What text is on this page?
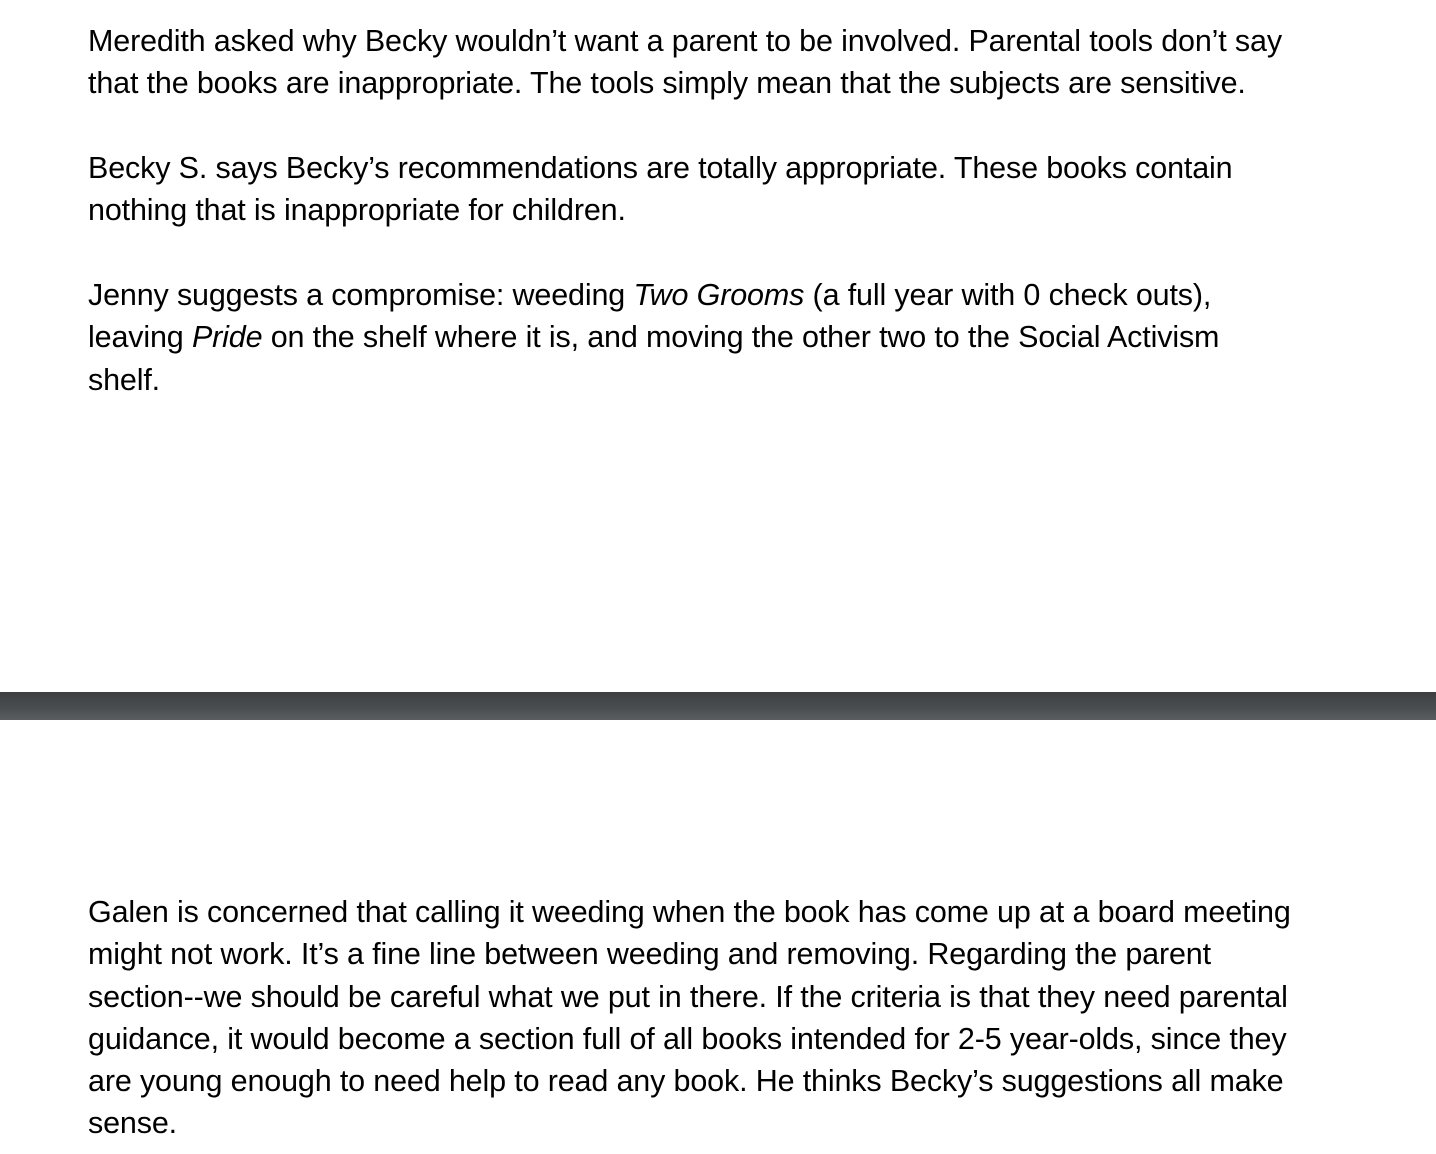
Meredith asked why Becky wouldn’t want a parent to be involved. Parental tools don’t say
that the books are inappropriate. The tools simply mean that the subjects are sensitive.

Becky S. says Becky’s recommendations are totally appropriate. These books contain
nothing that is inappropriate for children.

Jenny suggests a compromise: weeding Two Grooms (a full year with 0 check outs),
leaving Pride on the shelf where it is, and moving the other two to the Social Activism
shelf.

Galen is concerned that calling it weeding when the book has come up at a board meeting
might not work. It’s a fine line between weeding and removing. Regarding the parent
section--we should be careful what we put in there. If the criteria is that they need parental
guidance, it would become a section full of all books intended for 2-5 year-olds, since they
are young enough to need help to read any book. He thinks Becky’s suggestions all make
sense.
